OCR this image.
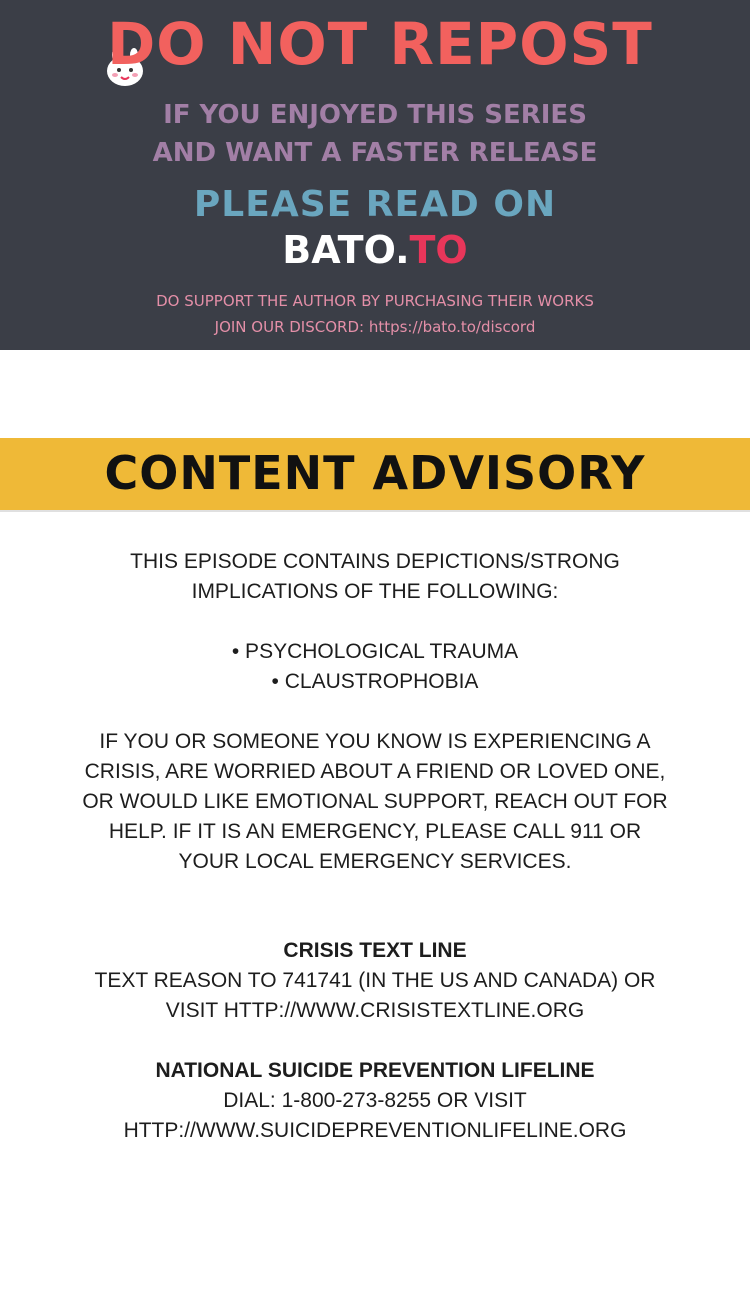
DO NOT REPOST
IF YOU ENJOYED THIS SERIES
AND WANT A FASTER RELEASE
PLEASE READ ON
BATO.TO
DO SUPPORT THE AUTHOR BY PURCHASING THEIR WORKS
JOIN OUR DISCORD: https://bato.to/discord
CONTENT ADVISORY
THIS EPISODE CONTAINS DEPICTIONS/STRONG
IMPLICATIONS OF THE FOLLOWING:
• PSYCHOLOGICAL TRAUMA
• CLAUSTROPHOBIA
IF YOU OR SOMEONE YOU KNOW IS EXPERIENCING A
CRISIS, ARE WORRIED ABOUT A FRIEND OR LOVED ONE,
OR WOULD LIKE EMOTIONAL SUPPORT, REACH OUT FOR
HELP. IF IT IS AN EMERGENCY, PLEASE CALL 911 OR
YOUR LOCAL EMERGENCY SERVICES.
CRISIS TEXT LINE
TEXT REASON TO 741741 (IN THE US AND CANADA) OR
VISIT HTTP://WWW.CRISISTEXTLINE.ORG
NATIONAL SUICIDE PREVENTION LIFELINE
DIAL: 1-800-273-8255 OR VISIT
HTTP://WWW.SUICIDEPREVENTIONLIFELINE.ORG
